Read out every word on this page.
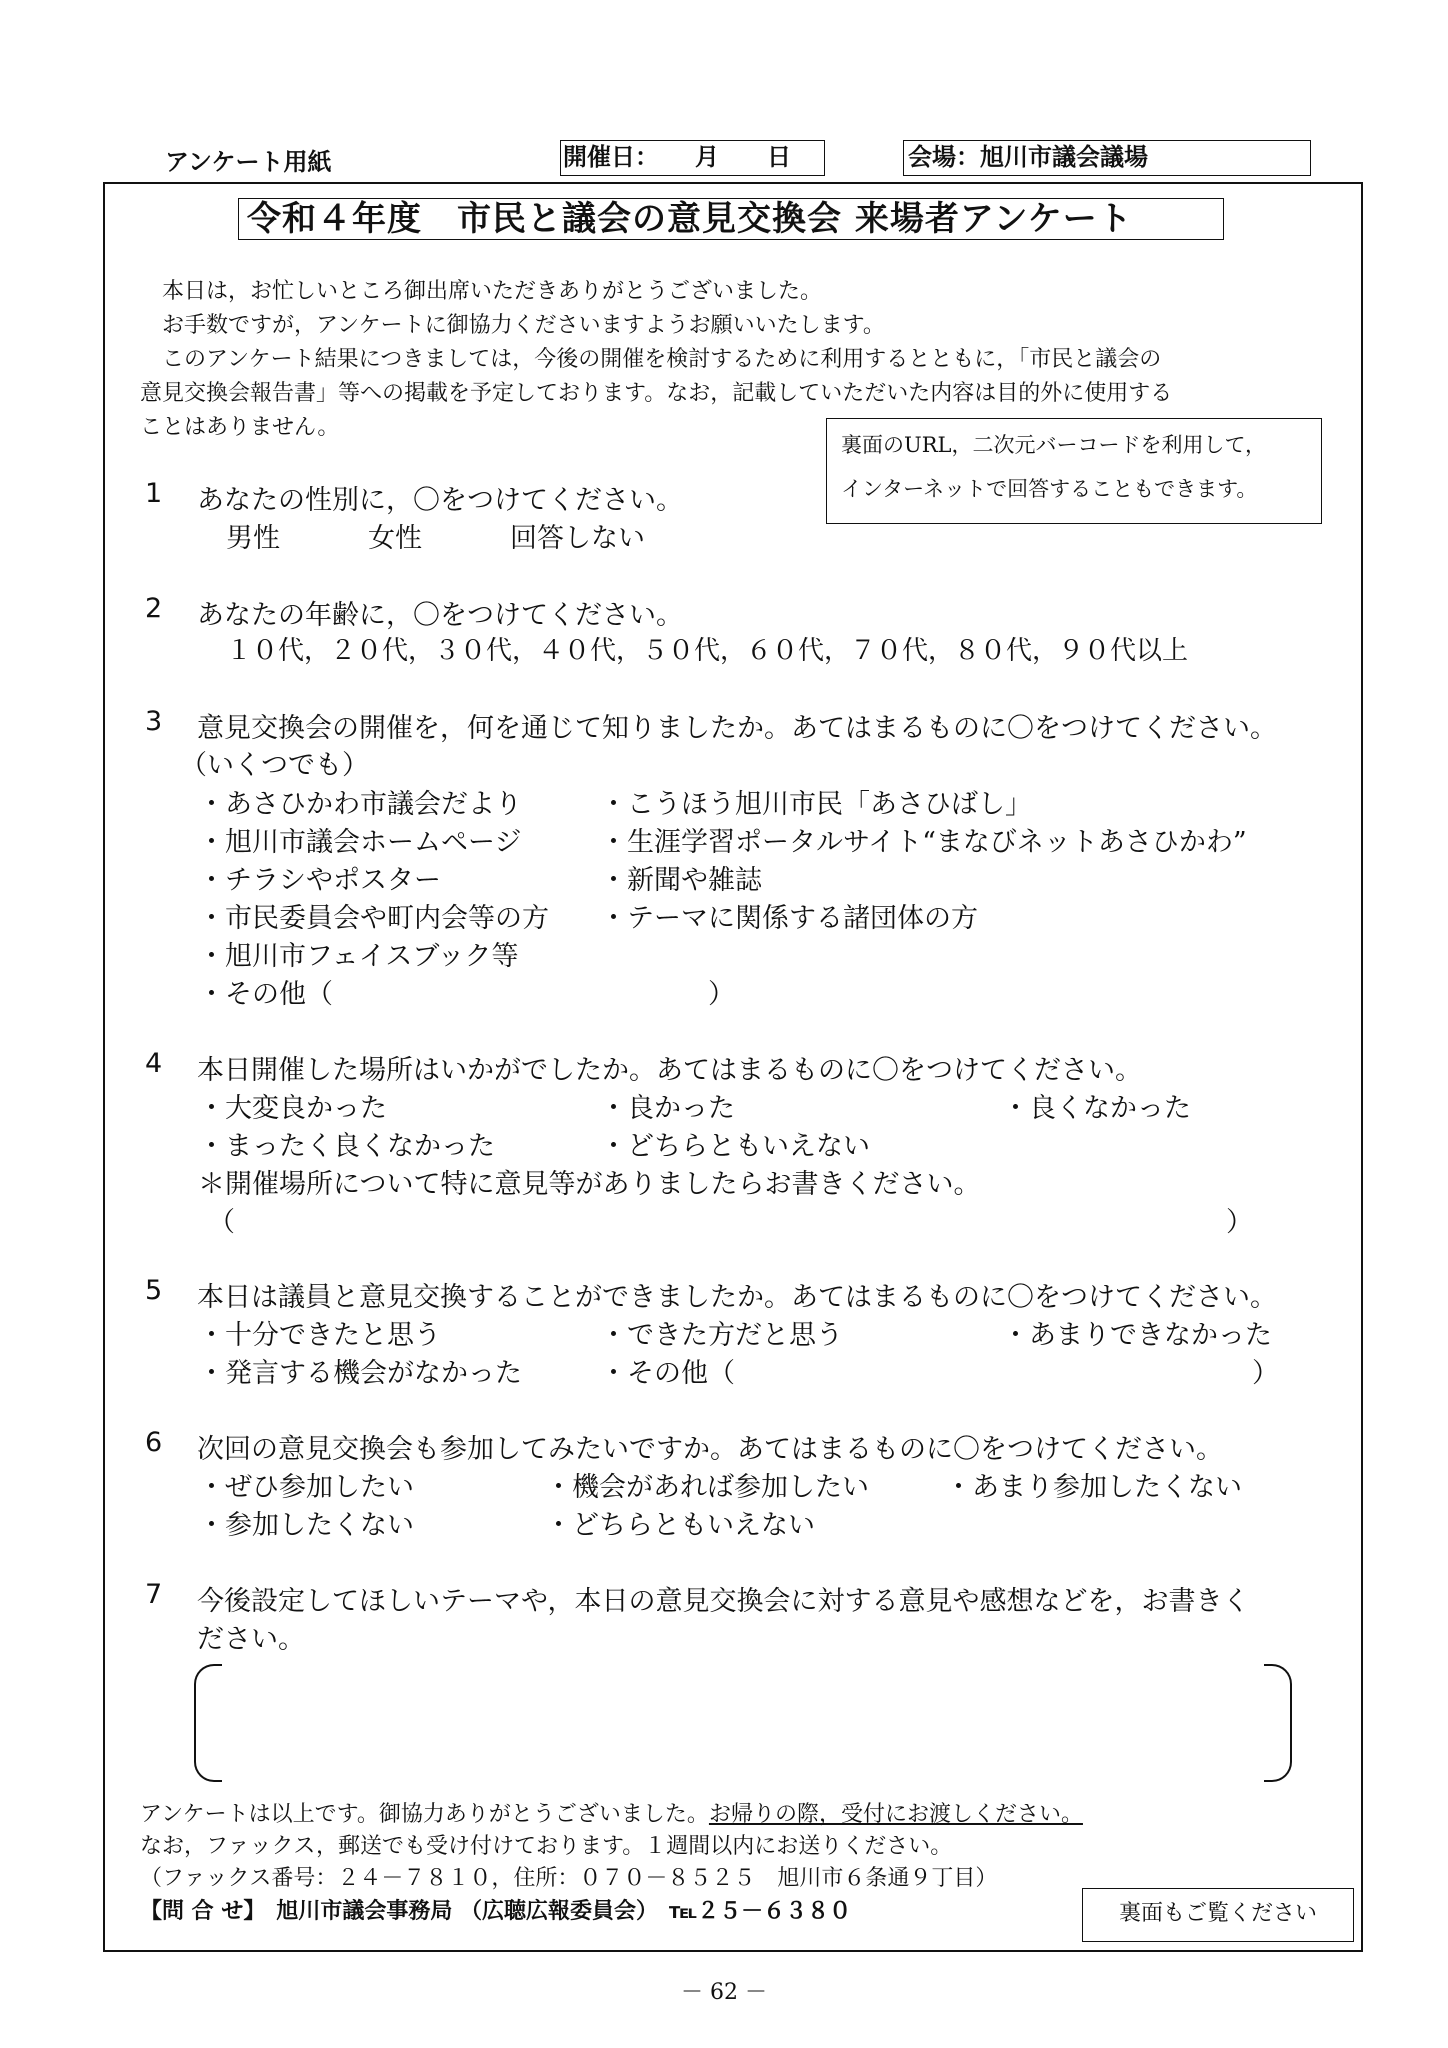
アンケート用紙	開催日：　　月　　日	会場：旭川市議会議場
令和４年度　市民と議会の意見交換会 来場者アンケート
本日は，お忙しいところ御出席いただきありがとうございました。
お手数ですが，アンケートに御協力くださいますようお願いいたします。
このアンケート結果につきましては，今後の開催を検討するために利用するとともに，「市民と議会の
意見交換会報告書」等への掲載を予定しております。なお，記載していただいた内容は目的外に使用する
ことはありません。
裏面のURL，二次元バーコードを利用して，
インターネットで回答することもできます。
1 あなたの性別に，〇をつけてください。
男性	女性	回答しない
2 あなたの年齢に，〇をつけてください。
１０代，２０代，３０代，４０代，５０代，６０代，７０代，８０代，９０代以上
3 意見交換会の開催を，何を通じて知りましたか。あてはまるものに〇をつけてください。
（いくつでも）
・あさひかわ市議会だより
・旭川市議会ホームページ
・チラシやポスター
・市民委員会や町内会等の方
・旭川市フェイスブック等
・その他（	）
・こうほう旭川市民「あさひばし」
・生涯学習ポータルサイト“まなびネットあさひかわ”
・新聞や雑誌
・テーマに関係する諸団体の方
4 本日開催した場所はいかがでしたか。あてはまるものに〇をつけてください。
・大変良かった	・良かった	・良くなかった
・まったく良くなかった	・どちらともいえない
＊開催場所について特に意見等がありましたらお書きください。
（	）
5 本日は議員と意見交換することができましたか。あてはまるものに〇をつけてください。
・十分できたと思う	・できた方だと思う	・あまりできなかった
・発言する機会がなかった	・その他（	）
6 次回の意見交換会も参加してみたいですか。あてはまるものに〇をつけてください。
・ぜひ参加したい	・機会があれば参加したい	・あまり参加したくない
・参加したくない	・どちらともいえない
7 今後設定してほしいテーマや，本日の意見交換会に対する意見や感想などを，お書きく
ださい。
アンケートは以上です。御協力ありがとうございました。お帰りの際，受付にお渡しください。
なお，ファックス，郵送でも受け付けております。１週間以内にお送りください。
（ファックス番号：２４－７８１０，住所：０７０－８５２５　旭川市６条通９丁目）
【問 合 せ】　旭川市議会事務局 （広聴広報委員会）　℡２５－６３８０	裏面もご覧ください
－ 62 －
